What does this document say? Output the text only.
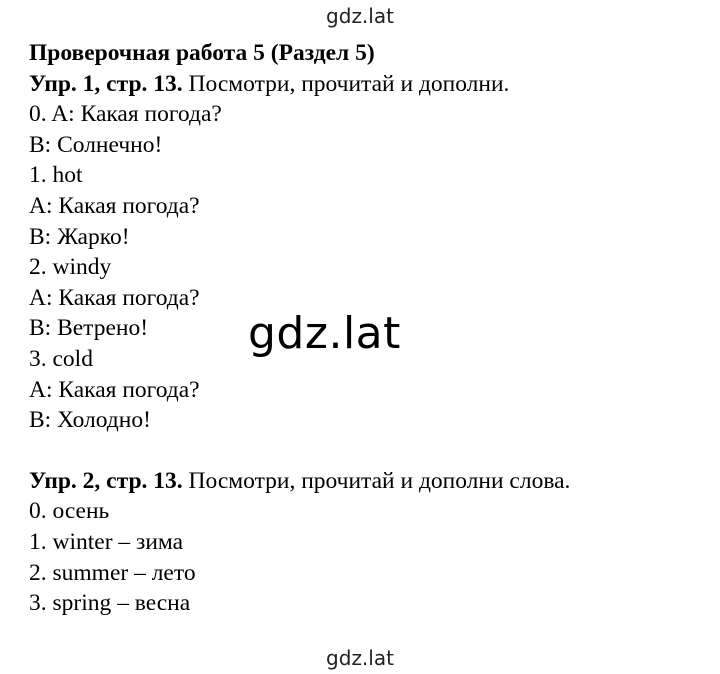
gdz.lat
Проверочная работа 5 (Раздел 5)
Упр. 1, стр. 13. Посмотри, прочитай и дополни.
0. A: Какая погода?
B: Солнечно!
1. hot
A: Какая погода?
B: Жарко!
2. windy
A: Какая погода?
B: Ветрено!
3. cold
A: Какая погода?
B: Холодно!
Упр. 2, стр. 13. Посмотри, прочитай и дополни слова.
0. осень
1. winter – зима
2. summer – лето
3. spring – весна
gdz.lat
gdz.lat
